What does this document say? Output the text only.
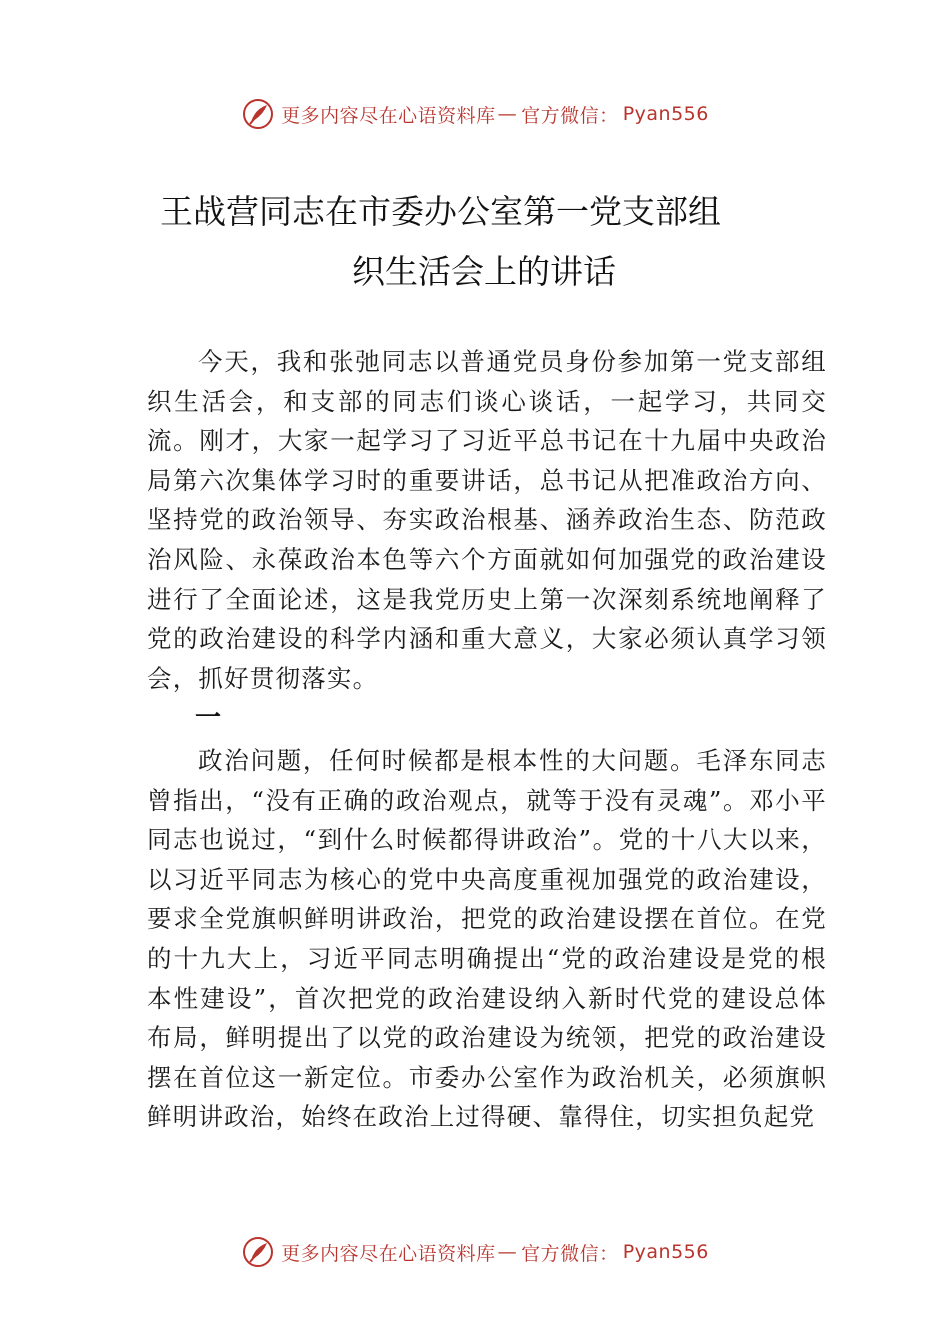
更多内容尽在心语资料库 — 官方微信： Pyan556
王战营同志在市委办公室第一党支部组
织生活会上的讲话

今天，我和张弛同志以普通党员身份参加第一党支部组织生活会，和支部的同志们谈心谈话，一起学习，共同交流。刚才，大家一起学习了习近平总书记在十九届中央政治局第六次集体学习时的重要讲话，总书记从把准政治方向、坚持党的政治领导、夯实政治根基、涵养政治生态、防范政治风险、永葆政治本色等六个方面就如何加强党的政治建设进行了全面论述，这是我党历史上第一次深刻系统地阐释了党的政治建设的科学内涵和重大意义，大家必须认真学习领会，抓好贯彻落实。

一

政治问题，任何时候都是根本性的大问题。毛泽东同志曾指出，“没有正确的政治观点，就等于没有灵魂”。邓小平同志也说过，“到什么时候都得讲政治”。党的十八大以来，以习近平同志为核心的党中央高度重视加强党的政治建设，要求全党旗帜鲜明讲政治，把党的政治建设摆在首位。在党的十九大上，习近平同志明确提出“党的政治建设是党的根本性建设”，首次把党的政治建设纳入新时代党的建设总体布局，鲜明提出了以党的政治建设为统领，把党的政治建设摆在首位这一新定位。市委办公室作为政治机关，必须旗帜鲜明讲政治，始终在政治上过得硬、靠得住，切实担负起党

更多内容尽在心语资料库 — 官方微信： Pyan556
